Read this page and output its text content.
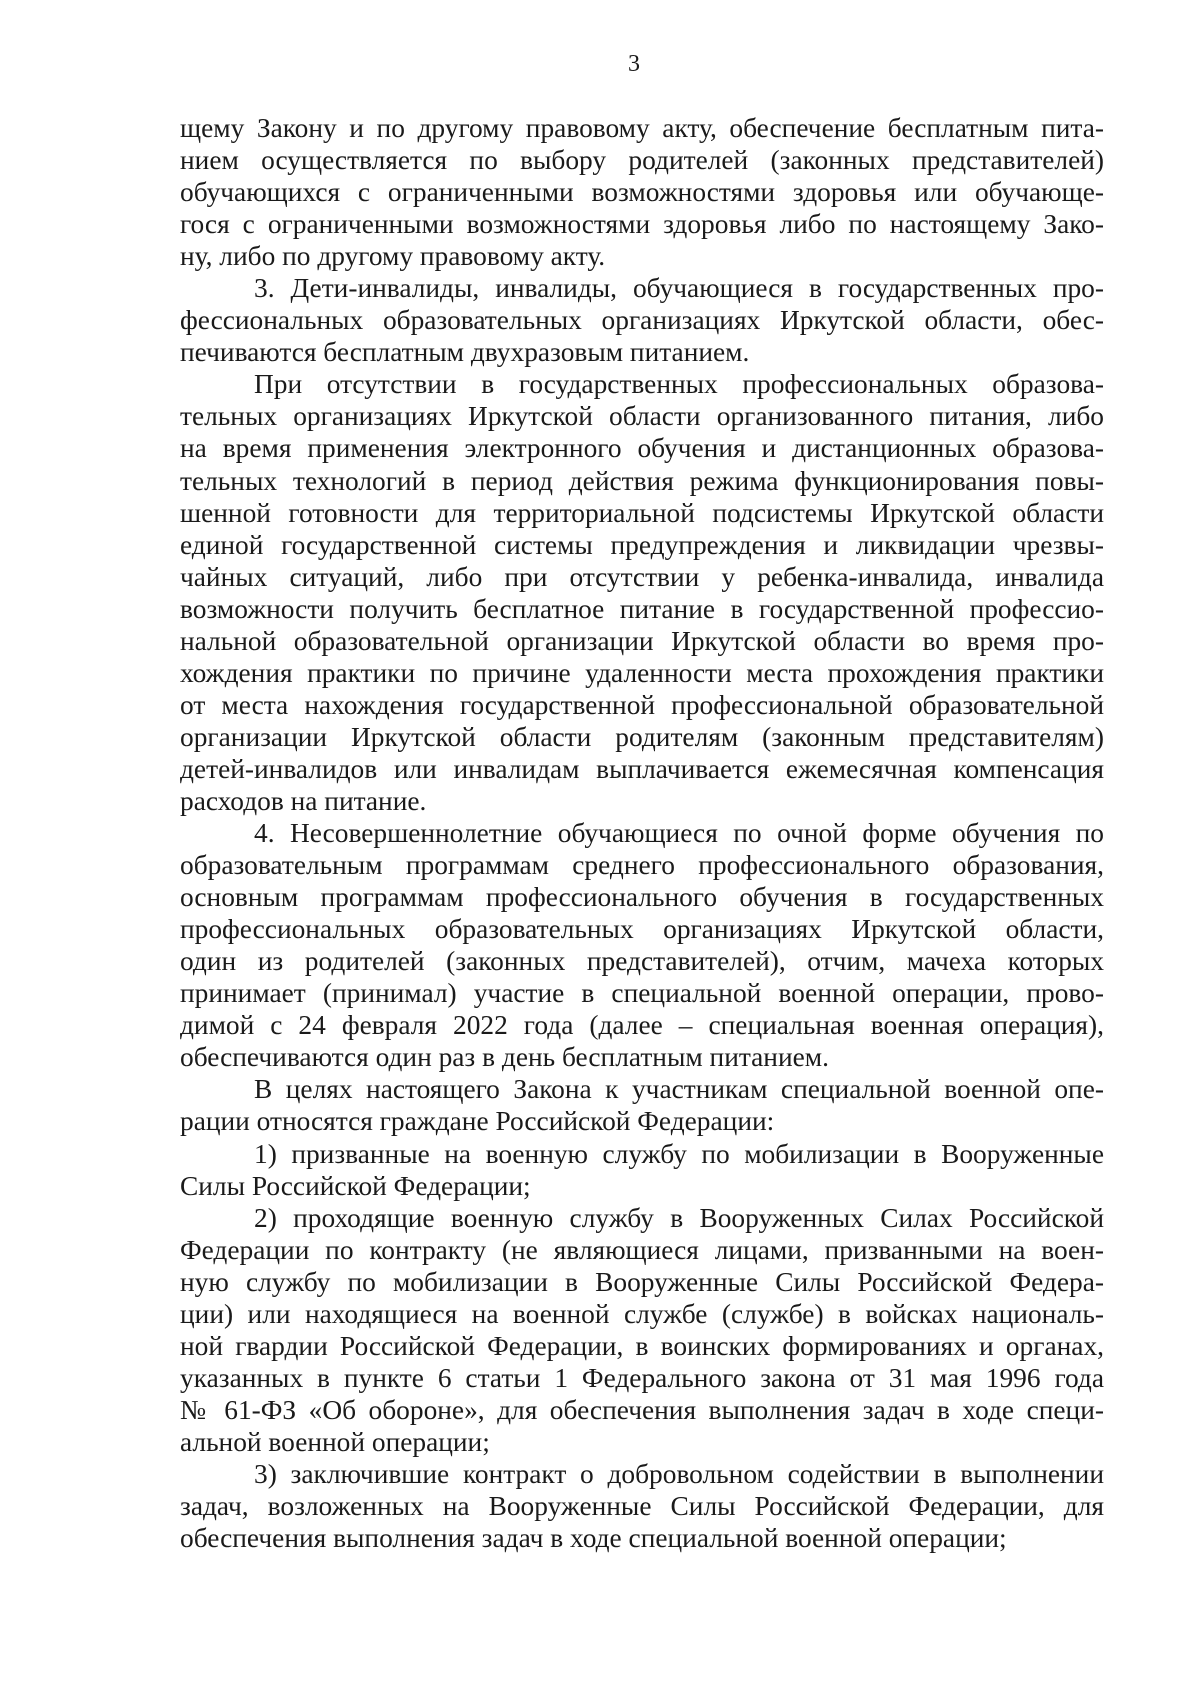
3
щему Закону и по другому правовому акту, обеспечение бесплатным пита-
нием осуществляется по выбору родителей (законных представителей)
обучающихся с ограниченными возможностями здоровья или обучающе-
гося с ограниченными возможностями здоровья либо по настоящему Зако-
ну, либо по другому правовому акту.
3. Дети-инвалиды, инвалиды, обучающиеся в государственных про-
фессиональных образовательных организациях Иркутской области, обес-
печиваются бесплатным двухразовым питанием.
При отсутствии в государственных профессиональных образова-
тельных организациях Иркутской области организованного питания, либо
на время применения электронного обучения и дистанционных образова-
тельных технологий в период действия режима функционирования повы-
шенной готовности для территориальной подсистемы Иркутской области
единой государственной системы предупреждения и ликвидации чрезвы-
чайных ситуаций, либо при отсутствии у ребенка-инвалида, инвалида
возможности получить бесплатное питание в государственной профессио-
нальной образовательной организации Иркутской области во время про-
хождения практики по причине удаленности места прохождения практики
от места нахождения государственной профессиональной образовательной
организации Иркутской области родителям (законным представителям)
детей-инвалидов или инвалидам выплачивается ежемесячная компенсация
расходов на питание.
4. Несовершеннолетние обучающиеся по очной форме обучения по
образовательным программам среднего профессионального образования,
основным программам профессионального обучения в государственных
профессиональных образовательных организациях Иркутской области,
один из родителей (законных представителей), отчим, мачеха которых
принимает (принимал) участие в специальной военной операции, прово-
димой с 24 февраля 2022 года (далее – специальная военная операция),
обеспечиваются один раз в день бесплатным питанием.
В целях настоящего Закона к участникам специальной военной опе-
рации относятся граждане Российской Федерации:
1) призванные на военную службу по мобилизации в Вооруженные
Силы Российской Федерации;
2) проходящие военную службу в Вооруженных Силах Российской
Федерации по контракту (не являющиеся лицами, призванными на воен-
ную службу по мобилизации в Вооруженные Силы Российской Федера-
ции) или находящиеся на военной службе (службе) в войсках националь-
ной гвардии Российской Федерации, в воинских формированиях и органах,
указанных в пункте 6 статьи 1 Федерального закона от 31 мая 1996 года
№ 61-ФЗ «Об обороне», для обеспечения выполнения задач в ходе специ-
альной военной операции;
3) заключившие контракт о добровольном содействии в выполнении
задач, возложенных на Вооруженные Силы Российской Федерации, для
обеспечения выполнения задач в ходе специальной военной операции;
